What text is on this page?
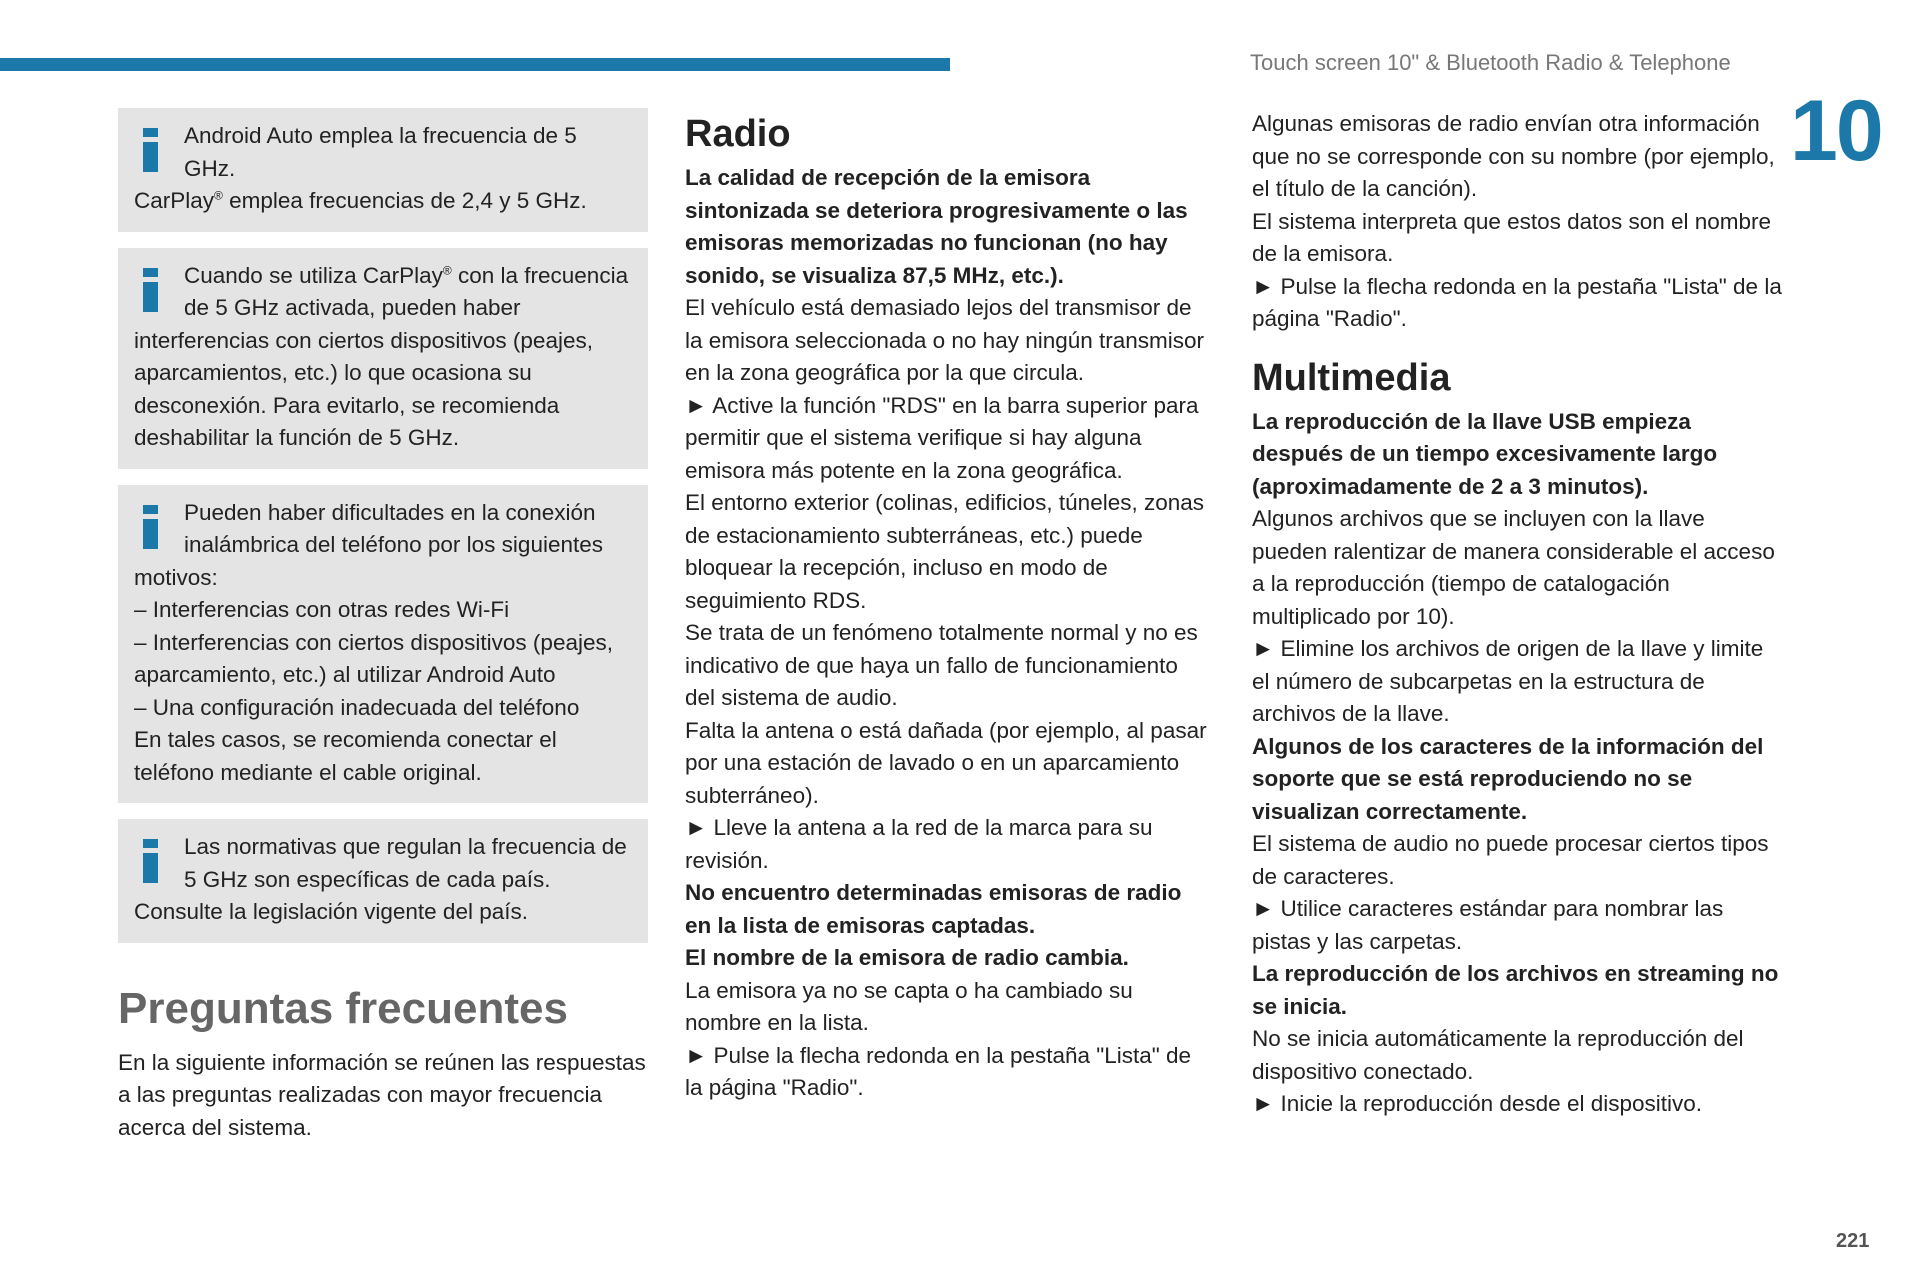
Touch screen 10" & Bluetooth Radio & Telephone
10
221
Android Auto emplea la frecuencia de 5 GHz.
CarPlay® emplea frecuencias de 2,4 y 5 GHz.
Cuando se utiliza CarPlay® con la frecuencia de 5 GHz activada, pueden haber interferencias con ciertos dispositivos (peajes, aparcamientos, etc.) lo que ocasiona su desconexión. Para evitarlo, se recomienda deshabilitar la función de 5 GHz.
Pueden haber dificultades en la conexión inalámbrica del teléfono por los siguientes motivos:
– Interferencias con otras redes Wi-Fi
– Interferencias con ciertos dispositivos (peajes, aparcamiento, etc.) al utilizar Android Auto
– Una configuración inadecuada del teléfono
En tales casos, se recomienda conectar el teléfono mediante el cable original.
Las normativas que regulan la frecuencia de 5 GHz son específicas de cada país.
Consulte la legislación vigente del país.
Preguntas frecuentes

En la siguiente información se reúnen las respuestas a las preguntas realizadas con mayor frecuencia acerca del sistema.

Radio

La calidad de recepción de la emisora sintonizada se deteriora progresivamente o las emisoras memorizadas no funcionan (no hay sonido, se visualiza 87,5 MHz, etc.).

El vehículo está demasiado lejos del transmisor de la emisora seleccionada o no hay ningún transmisor en la zona geográfica por la que circula.

► Active la función "RDS" en la barra superior para permitir que el sistema verifique si hay alguna emisora más potente en la zona geográfica.

El entorno exterior (colinas, edificios, túneles, zonas de estacionamiento subterráneas, etc.) puede bloquear la recepción, incluso en modo de seguimiento RDS.

Se trata de un fenómeno totalmente normal y no es indicativo de que haya un fallo de funcionamiento del sistema de audio.

Falta la antena o está dañada (por ejemplo, al pasar por una estación de lavado o en un aparcamiento subterráneo).

► Lleve la antena a la red de la marca para su revisión.

No encuentro determinadas emisoras de radio en la lista de emisoras captadas.

El nombre de la emisora de radio cambia.

La emisora ya no se capta o ha cambiado su nombre en la lista.

► Pulse la flecha redonda en la pestaña "Lista" de la página "Radio".

Algunas emisoras de radio envían otra información que no se corresponde con su nombre (por ejemplo, el título de la canción).

El sistema interpreta que estos datos son el nombre de la emisora.

► Pulse la flecha redonda en la pestaña "Lista" de la página "Radio".

Multimedia

La reproducción de la llave USB empieza después de un tiempo excesivamente largo (aproximadamente de 2 a 3 minutos).

Algunos archivos que se incluyen con la llave pueden ralentizar de manera considerable el acceso a la reproducción (tiempo de catalogación multiplicado por 10).

► Elimine los archivos de origen de la llave y limite el número de subcarpetas en la estructura de archivos de la llave.

Algunos de los caracteres de la información del soporte que se está reproduciendo no se visualizan correctamente.

El sistema de audio no puede procesar ciertos tipos de caracteres.

► Utilice caracteres estándar para nombrar las pistas y las carpetas.

La reproducción de los archivos en streaming no se inicia.

No se inicia automáticamente la reproducción del dispositivo conectado.

► Inicie la reproducción desde el dispositivo.
